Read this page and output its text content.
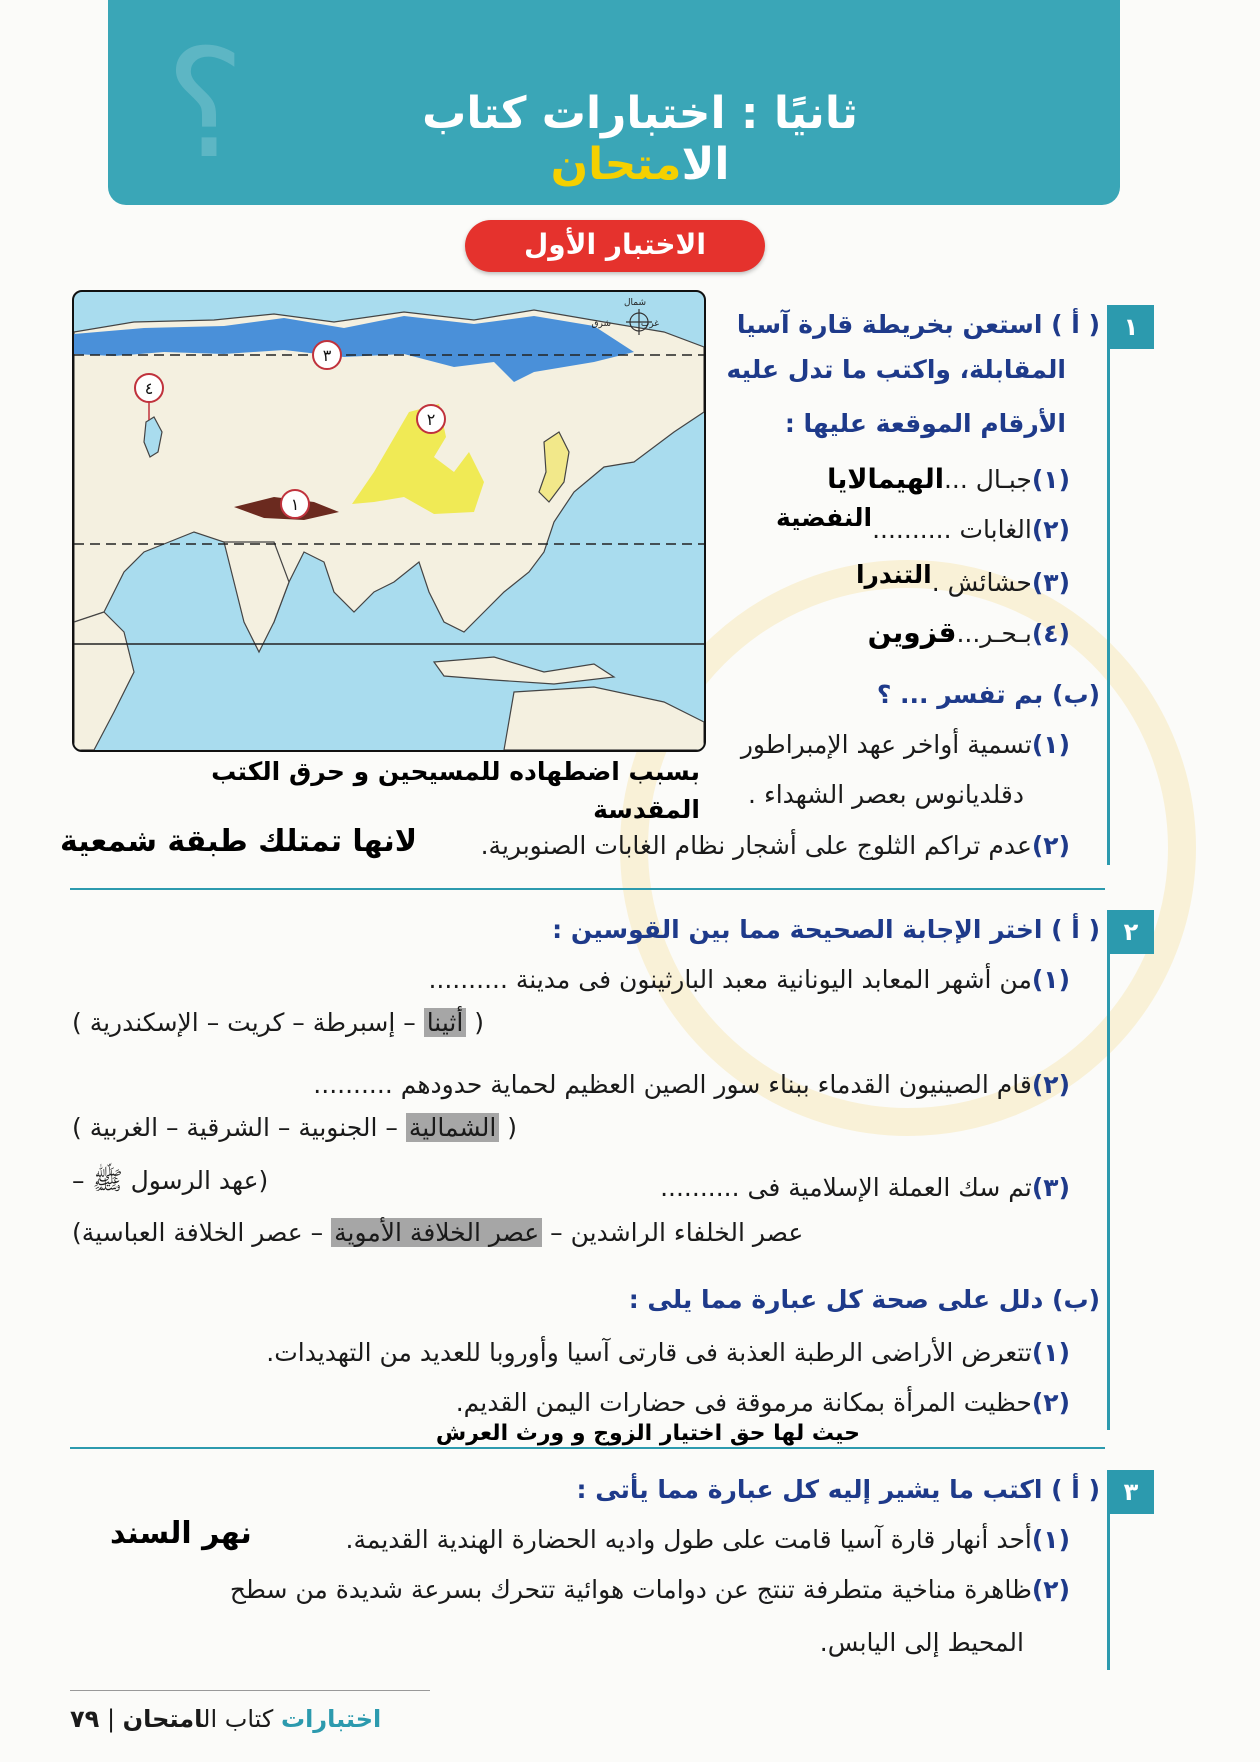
؟	ثانيًا : اختبارات كتاب الامتحان
الاختبار الأول
شمال
شرق	غرب
١
٢
٣
٤
١
( أ ) استعن بخريطة قارة آسيا
المقابلة، واكتب ما تدل عليه
الأرقام الموقعة عليها :
(١)جبـال ...الهيمالايا
(٢)الغابات ..........النفضية
(٣)حشائش .التندرا
(٤)بـحـر...قزوين
(ب) بم تفسر ... ؟
(١)تسمية أواخر عهد الإمبراطور
دقلديانوس بعصر الشهداء .
بسبب اضطهاده للمسيحين و حرق الكتب
المقدسة
(٢)عدم تراكم الثلوج على أشجار نظام الغابات الصنوبرية.
لانها تمتلك طبقة شمعية
٢
( أ ) اختر الإجابة الصحيحة مما بين القوسين :
(١)من أشهر المعابد اليونانية معبد البارثينون فى مدينة ..........
( أثينا – إسبرطة – كريت – الإسكندرية )
(٢)قام الصينيون القدماء ببناء سور الصين العظيم لحماية حدودهم ..........
( الشمالية – الجنوبية – الشرقية – الغربية )
(٣)تم سك العملة الإسلامية فى ..........
(عهد الرسول ﷺ –
عصر الخلفاء الراشدين – عصر الخلافة الأموية – عصر الخلافة العباسية)
(ب) دلل على صحة كل عبارة مما يلى :
(١)تتعرض الأراضى الرطبة العذبة فى قارتى آسيا وأوروبا للعديد من التهديدات.
(٢)حظيت المرأة بمكانة مرموقة فى حضارات اليمن القديم.
حيث لها حق اختيار الزوج و ورث العرش
٣
( أ ) اكتب ما يشير إليه كل عبارة مما يأتى :
(١)أحد أنهار قارة آسيا قامت على طول واديه الحضارة الهندية القديمة.
نهر السند
(٢)ظاهرة مناخية متطرفة تنتج عن دوامات هوائية تتحرك بسرعة شديدة من سطح
المحيط إلى اليابس.
٧٩ |	اختبارات كتاب الامتحان
